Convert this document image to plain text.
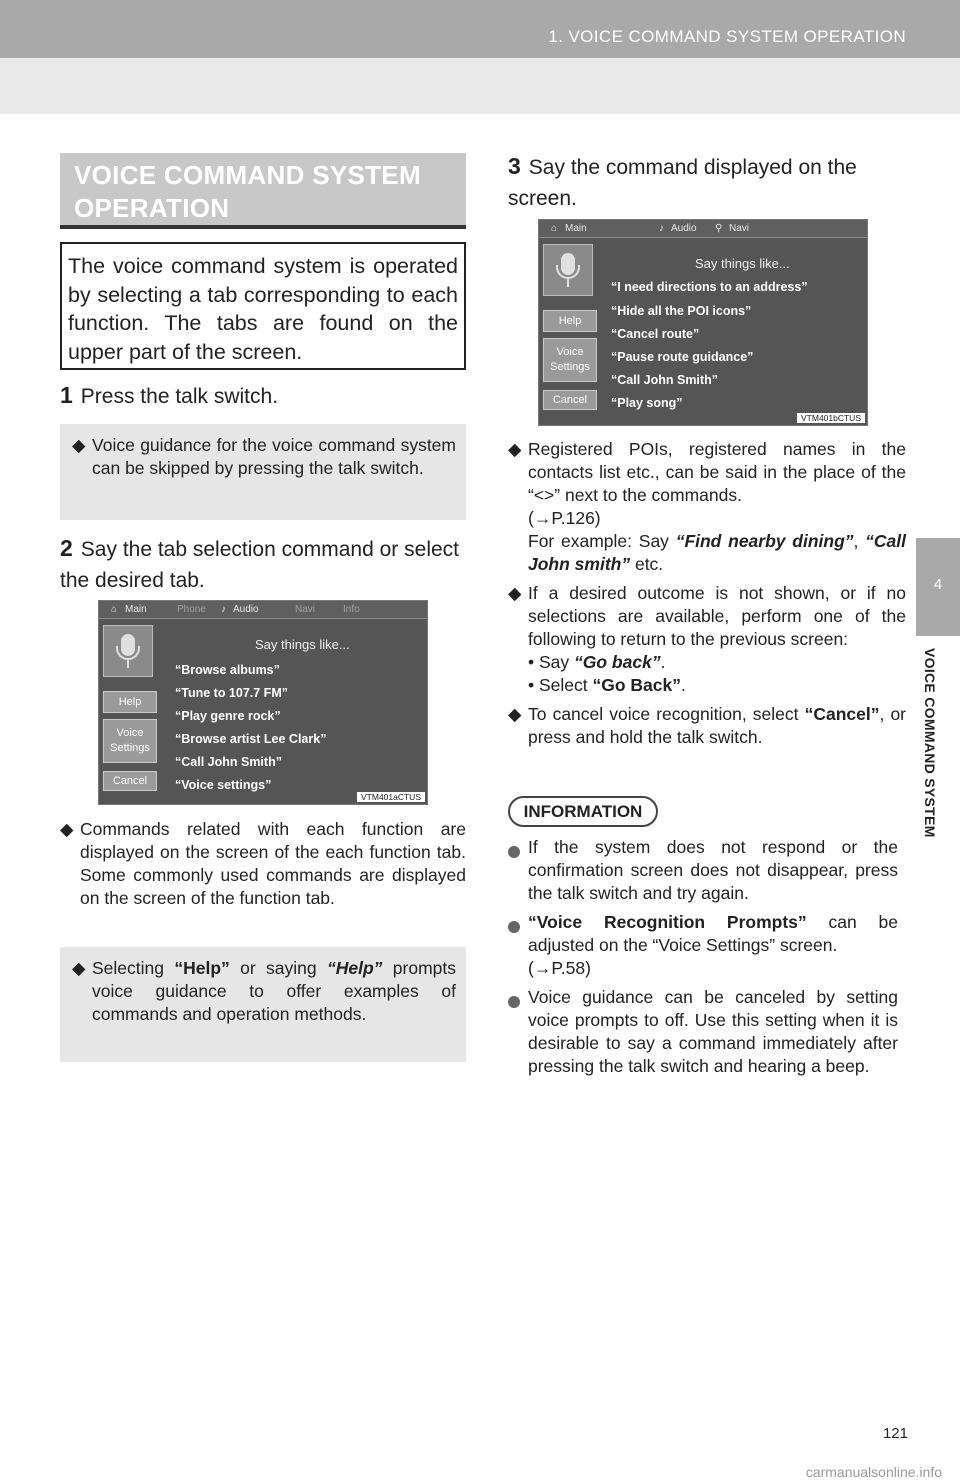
1. VOICE COMMAND SYSTEM OPERATION
4
VOICE COMMAND SYSTEM
VOICE COMMAND SYSTEM OPERATION
The voice command system is operated by selecting a tab corresponding to each function. The tabs are found on the upper part of the screen.
1 Press the talk switch.
◆ Voice guidance for the voice command system can be skipped by pressing the talk switch.
2 Say the tab selection command or select the desired tab.
⌂ Main	Phone ♪ Audio	Navi	Info
Help
Voice Settings
Cancel
Say things like...
“Browse albums”
“Tune to 107.7 FM”
“Play genre rock”
“Browse artist Lee Clark”
“Call John Smith”
“Voice settings”
VTM401aCTUS
◆ Commands related with each function are displayed on the screen of the each function tab. Some commonly used commands are displayed on the screen of the function tab.
◆ Selecting “Help” or saying “Help” prompts voice guidance to offer examples of commands and operation methods.
3 Say the command displayed on the screen.
⌂ Main	♪ Audio ⚲ Navi
Help
Voice Settings
Cancel
Say things like...
“I need directions to an address”
“Hide all the POI icons”
“Cancel route”
“Pause route guidance”
“Call John Smith”
“Play song”
VTM401bCTUS
◆ Registered POIs, registered names in the contacts list etc., can be said in the place of the “<>” next to the commands.
(→P.126)
For example: Say “Find nearby dining”, “Call John smith” etc.
◆ If a desired outcome is not shown, or if no selections are available, perform one of the following to return to the previous screen:
• Say “Go back”.
• Select “Go Back”.
◆ To cancel voice recognition, select “Cancel”, or press and hold the talk switch.
INFORMATION
If the system does not respond or the confirmation screen does not disappear, press the talk switch and try again.
“Voice Recognition Prompts” can be adjusted on the “Voice Settings” screen.
(→P.58)
Voice guidance can be canceled by setting voice prompts to off. Use this setting when it is desirable to say a command immediately after pressing the talk switch and hearing a beep.
121
carmanualsonline.info
